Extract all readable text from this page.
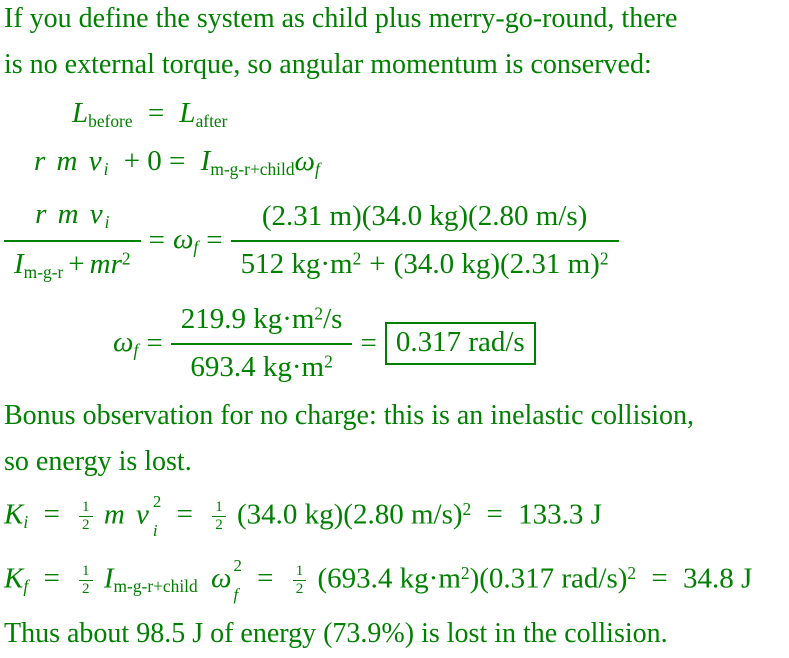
If you define the system as child plus merry-go-round, there
is no external torque, so angular momentum is conserved:
$L_{before} = L_{after}$
r m vi + $0 = I_{m-g-r+child}\omega f$
$\frac{\text{r m vi}}{I_{m-g-r} + mr^2} = \omega f = \frac{(2.31 m)(34.0 kg)(2.80 m/s)}{512 kg\cdot m^2 + (34.0 kg)(2.31 m)^2}$
$\omega f = \frac{219.9 kg\cdot m^2/s}{693.4 kg\cdot m^2} = 0.317$ rad/s
Bonus observation for no charge: this is an inelastic collision,
so energy is lost.
$Ki = \frac{1}{2}$ m v 2
$i = \frac{1}{2} (34.0$ kg)(2.80 m/s)$^2$ = 133.3 J
$Kf = \frac{1}{2} I_{m-g-r+child}$ ω 2
$f = \frac{1}{2} (693.4$ $kg\cdot m^2)(0.317$ rad/s)$^2$ = 34.8 J
Thus about 98.5 J of energy (73.9%) is lost in the collision.
